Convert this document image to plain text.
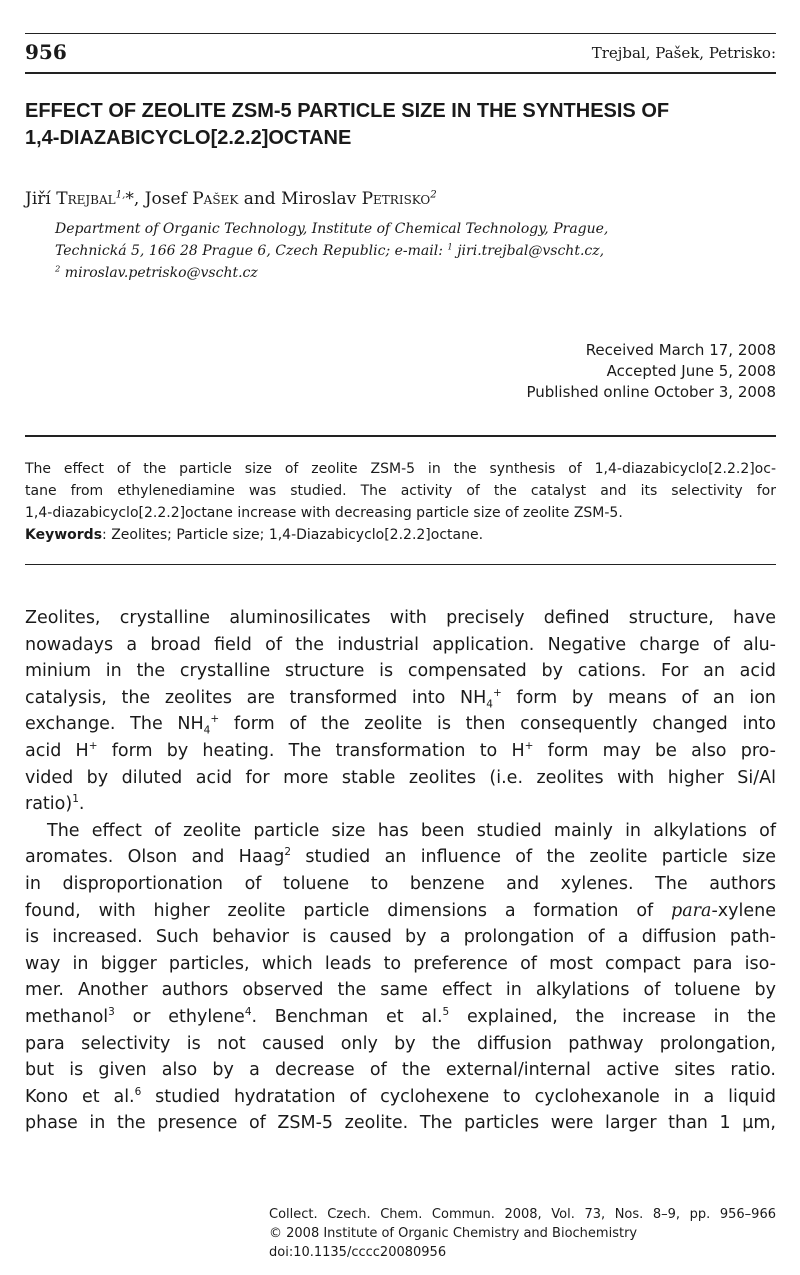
956	Trejbal, Pašek, Petrisko:
EFFECT OF ZEOLITE ZSM-5 PARTICLE SIZE IN THE SYNTHESIS OF
1,4-DIAZABICYCLO[2.2.2]OCTANE
Jiří Trejbal$^{1,}$*, Josef Pašek and Miroslav Petrisko$^2$
Department of Organic Technology, Institute of Chemical Technology, Prague,
Technická 5, 166 28 Prague 6, Czech Republic; e-mail: $^1$ jiri.trejbal@vscht.cz,
$^2$ miroslav.petrisko@vscht.cz
Received March 17, 2008
Accepted June 5, 2008
Published online October 3, 2008
The effect of the particle size of zeolite ZSM-5 in the synthesis of 1,4-diazabicyclo[2.2.2]oc-
tane from ethylenediamine was studied. The activity of the catalyst and its selectivity for
1,4-diazabicyclo[2.2.2]octane increase with decreasing particle size of zeolite ZSM-5.
Keywords: Zeolites; Particle size; 1,4-Diazabicyclo[2.2.2]octane.
Zeolites, crystalline aluminosilicates with precisely defined structure, have
nowadays a broad field of the industrial application. Negative charge of alu-
minium in the crystalline structure is compensated by cations. For an acid
catalysis, the zeolites are transformed into $NH_4^+$ form by means of an ion
exchange. The $NH_4^+$ form of the zeolite is then consequently changed into
acid H+ form by heating. The transformation to H+ form may be also pro-
vided by diluted acid for more stable zeolites (i.e. zeolites with higher Si/Al
ratio)$^1$.
The effect of zeolite particle size has been studied mainly in alkylations of
aromates. Olson and Haag$^2$ studied an influence of the zeolite particle size
in disproportionation of toluene to benzene and xylenes. The authors
found, with higher zeolite particle dimensions a formation of para-xylene
is increased. Such behavior is caused by a prolongation of a diffusion path-
way in bigger particles, which leads to preference of most compact para iso-
mer. Another authors observed the same effect in alkylations of toluene by
methanol$^3$ or ethylene$^4$. Benchman et al.$^5$ explained, the increase in the
para selectivity is not caused only by the diffusion pathway prolongation,
but is given also by a decrease of the external/internal active sites ratio.
Kono et al.$^6$ studied hydratation of cyclohexene to cyclohexanole in a liquid
phase in the presence of ZSM-5 zeolite. The particles were larger than 1 µm,
Collect. Czech. Chem. Commun. 2008, Vol. 73, Nos. 8–9, pp. 956–966
© 2008 Institute of Organic Chemistry and Biochemistry
doi:10.1135/cccc20080956
